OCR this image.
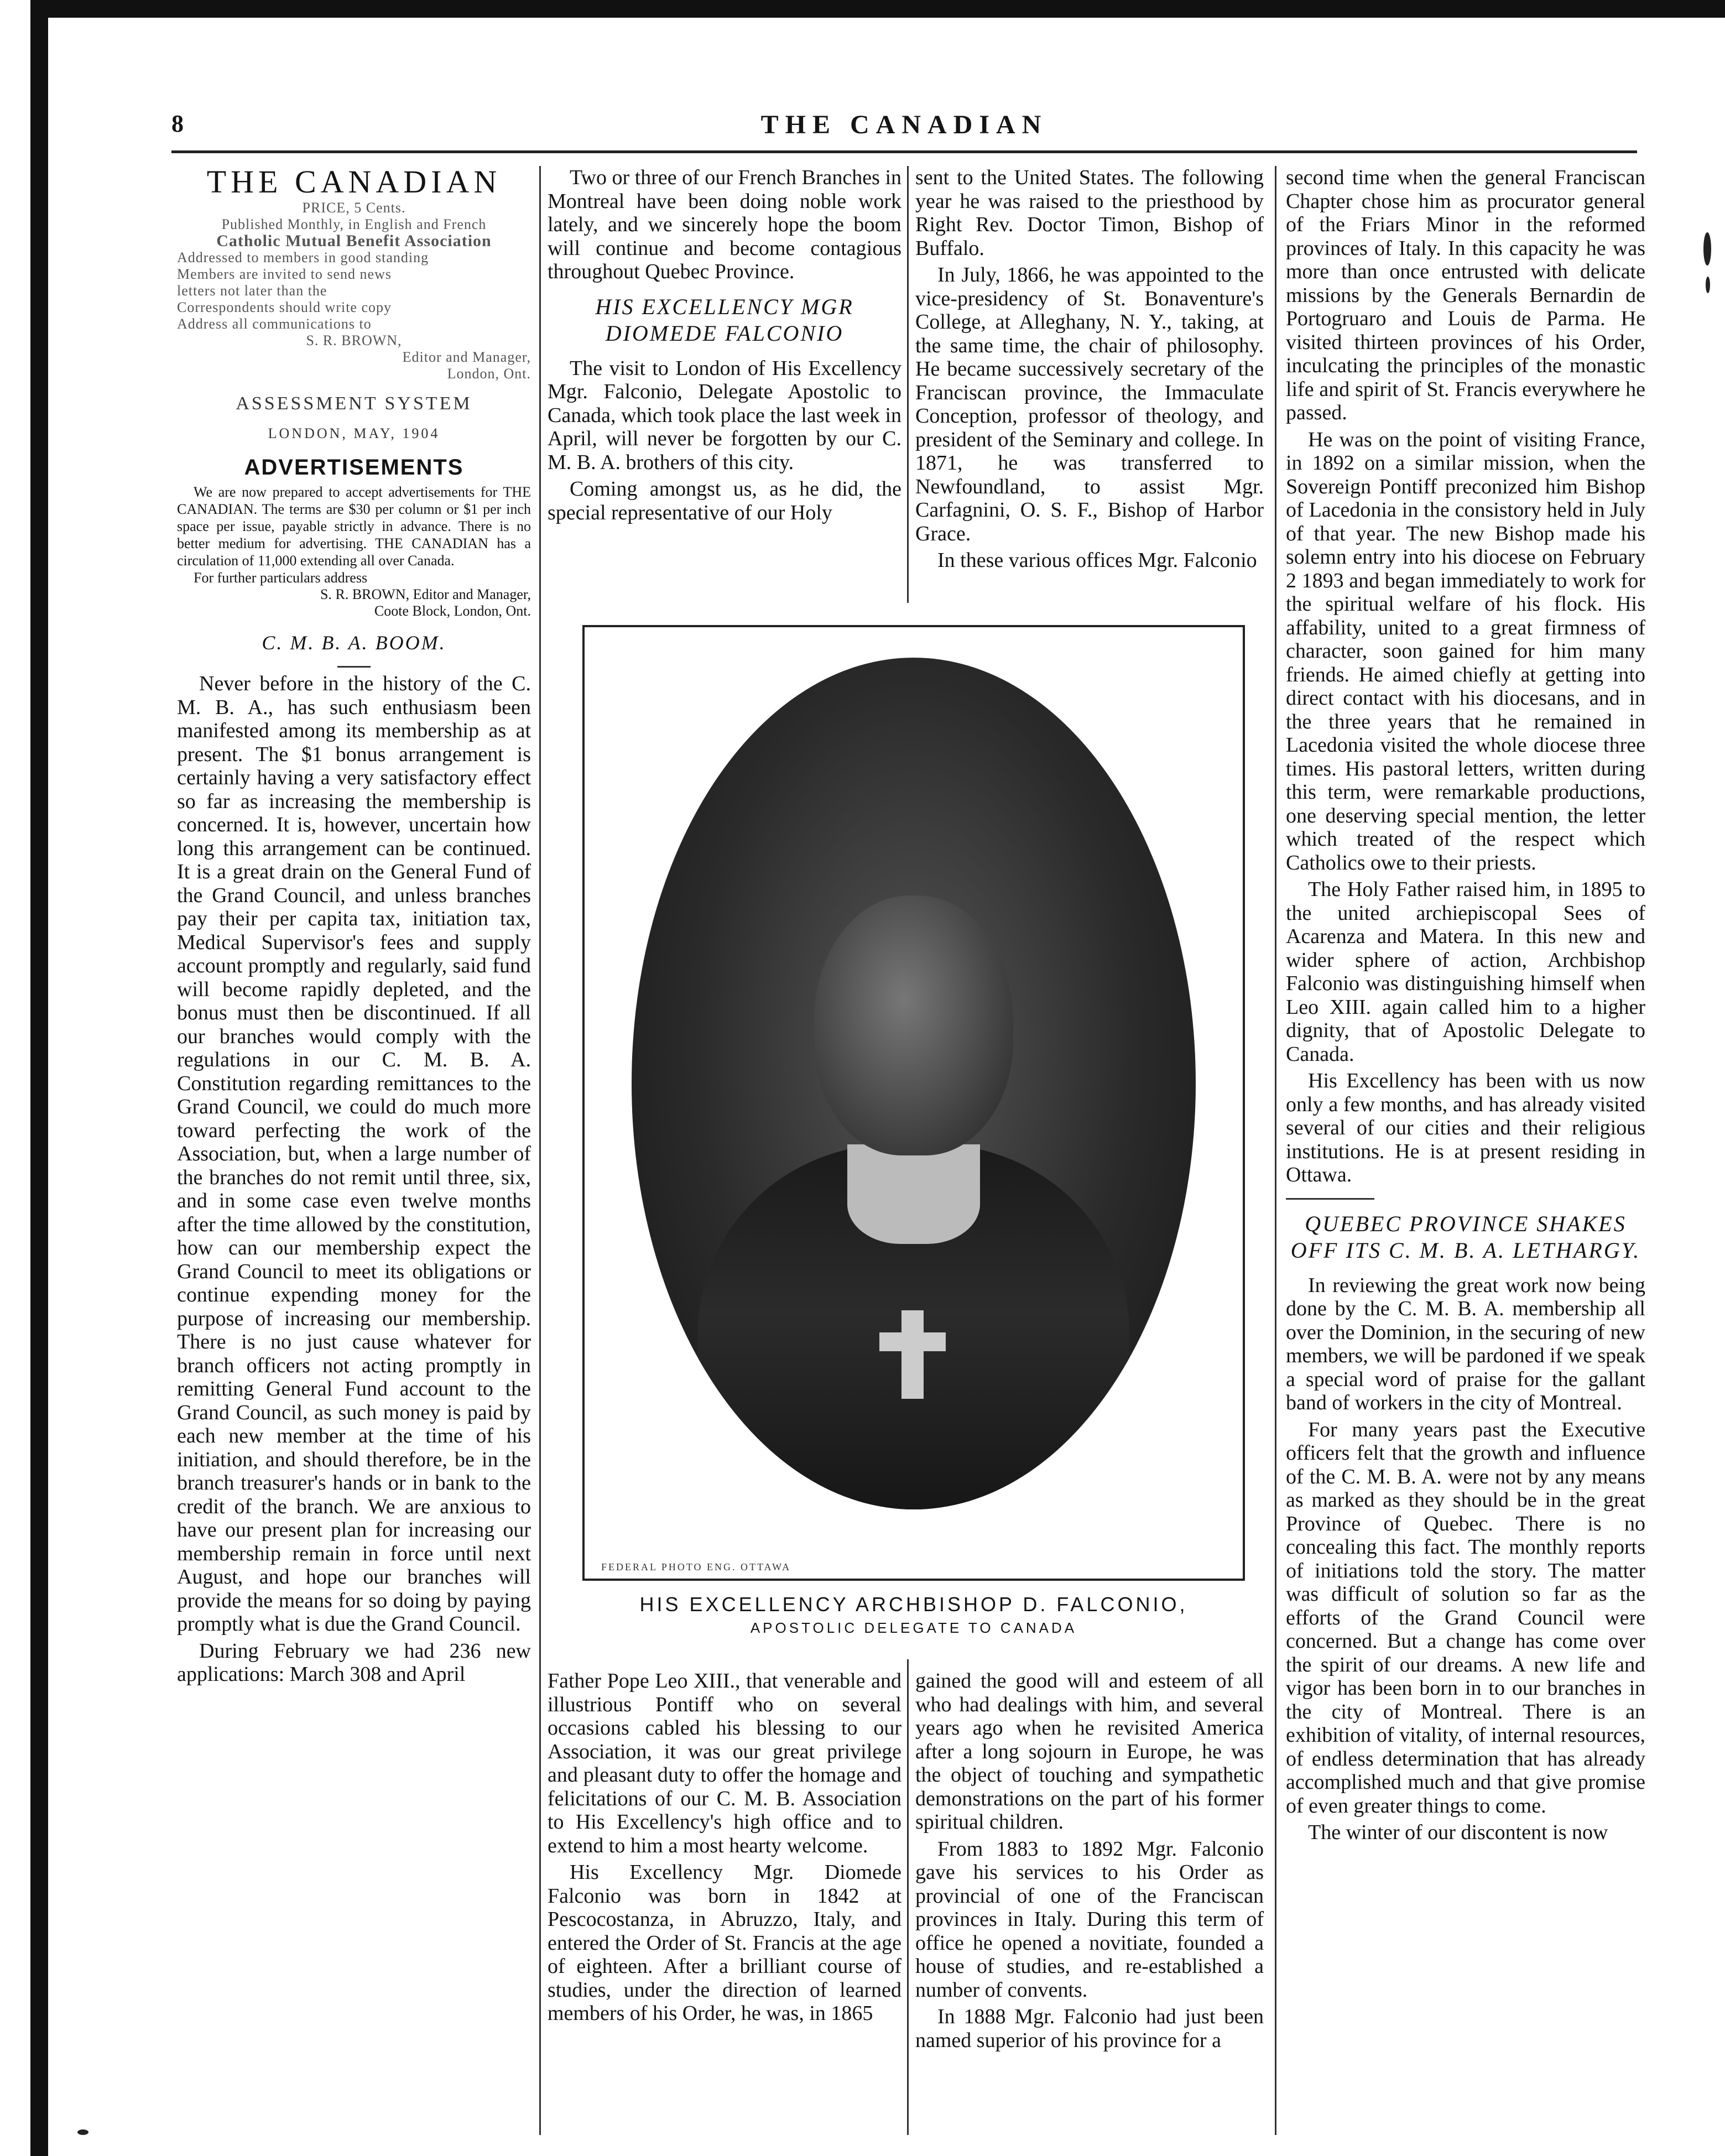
8	THE CANADIAN
THE CANADIAN

PRICE, 5 Cents.

Published Monthly, in English and French

Catholic Mutual Benefit Association

Addressed to members in good standing

Members are invited to send news

letters not later than the

Correspondents should write copy

Address all communications to

S. R. BROWN,

Editor and Manager,

London, Ont.

ASSESSMENT SYSTEM
LONDON, MAY, 1904
ADVERTISEMENTS

We are now prepared to accept advertisements for THE CANADIAN. The terms are $30 per column or $1 per inch space per issue, payable strictly in advance. There is no better medium for advertising. THE CANADIAN has a circulation of 11,000 extending all over Canada.

For further particulars address

S. R. BROWN, Editor and Manager,
Coote Block, London, Ont.
C. M. B. A. BOOM.

Never before in the history of the C. M. B. A., has such enthusiasm been manifested among its membership as at present. The $1 bonus arrangement is certainly having a very satisfactory effect so far as increasing the membership is concerned. It is, however, uncertain how long this arrangement can be continued. It is a great drain on the General Fund of the Grand Council, and unless branches pay their per capita tax, initiation tax, Medical Supervisor's fees and supply account promptly and regularly, said fund will become rapidly depleted, and the bonus must then be discontinued. If all our branches would comply with the regulations in our C. M. B. A. Constitution regarding remittances to the Grand Council, we could do much more toward perfecting the work of the Association, but, when a large number of the branches do not remit until three, six, and in some case even twelve months after the time allowed by the constitution, how can our membership expect the Grand Council to meet its obligations or continue expending money for the purpose of increasing our membership. There is no just cause whatever for branch officers not acting promptly in remitting General Fund account to the Grand Council, as such money is paid by each new member at the time of his initiation, and should therefore, be in the branch treasurer's hands or in bank to the credit of the branch. We are anxious to have our present plan for increasing our membership remain in force until next August, and hope our branches will provide the means for so doing by paying promptly what is due the Grand Council.

During February we had 236 new applications: March 308 and April

Two or three of our French Branches in Montreal have been doing noble work lately, and we sincerely hope the boom will continue and become contagious throughout Quebec Province.

HIS EXCELLENCY MGR DIOMEDE FALCONIO

The visit to London of His Excellency Mgr. Falconio, Delegate Apostolic to Canada, which took place the last week in April, will never be forgotten by our C. M. B. A. brothers of this city.

Coming amongst us, as he did, the special representative of our Holy

sent to the United States. The following year he was raised to the priesthood by Right Rev. Doctor Timon, Bishop of Buffalo.

In July, 1866, he was appointed to the vice-presidency of St. Bonaventure's College, at Alleghany, N. Y., taking, at the same time, the chair of philosophy. He became successively secretary of the Franciscan province, the Immaculate Conception, professor of theology, and president of the Seminary and college. In 1871, he was transferred to Newfoundland, to assist Mgr. Carfagnini, O. S. F., Bishop of Harbor Grace.

In these various offices Mgr. Falconio

FEDERAL PHOTO ENG. OTTAWA
HIS EXCELLENCY ARCHBISHOP D. FALCONIO,
APOSTOLIC DELEGATE TO CANADA

Father Pope Leo XIII., that venerable and illustrious Pontiff who on several occasions cabled his blessing to our Association, it was our great privilege and pleasant duty to offer the homage and felicitations of our C. M. B. Association to His Excellency's high office and to extend to him a most hearty welcome.

His Excellency Mgr. Diomede Falconio was born in 1842 at Pescocostanza, in Abruzzo, Italy, and entered the Order of St. Francis at the age of eighteen. After a brilliant course of studies, under the direction of learned members of his Order, he was, in 1865

gained the good will and esteem of all who had dealings with him, and several years ago when he revisited America after a long sojourn in Europe, he was the object of touching and sympathetic demonstrations on the part of his former spiritual children.

From 1883 to 1892 Mgr. Falconio gave his services to his Order as provincial of one of the Franciscan provinces in Italy. During this term of office he opened a novitiate, founded a house of studies, and re-established a number of convents.

In 1888 Mgr. Falconio had just been named superior of his province for a

second time when the general Franciscan Chapter chose him as procurator general of the Friars Minor in the reformed provinces of Italy. In this capacity he was more than once entrusted with delicate missions by the Generals Bernardin de Portogruaro and Louis de Parma. He visited thirteen provinces of his Order, inculcating the principles of the monastic life and spirit of St. Francis everywhere he passed.

He was on the point of visiting France, in 1892 on a similar mission, when the Sovereign Pontiff preconized him Bishop of Lacedonia in the consistory held in July of that year. The new Bishop made his solemn entry into his diocese on February 2 1893 and began immediately to work for the spiritual welfare of his flock. His affability, united to a great firmness of character, soon gained for him many friends. He aimed chiefly at getting into direct contact with his diocesans, and in the three years that he remained in Lacedonia visited the whole diocese three times. His pastoral letters, written during this term, were remarkable productions, one deserving special mention, the letter which treated of the respect which Catholics owe to their priests.

The Holy Father raised him, in 1895 to the united archiepiscopal Sees of Acarenza and Matera. In this new and wider sphere of action, Archbishop Falconio was distinguishing himself when Leo XIII. again called him to a higher dignity, that of Apostolic Delegate to Canada.

His Excellency has been with us now only a few months, and has already visited several of our cities and their religious institutions. He is at present residing in Ottawa.

QUEBEC PROVINCE SHAKES OFF ITS C. M. B. A. LETHARGY.

In reviewing the great work now being done by the C. M. B. A. membership all over the Dominion, in the securing of new members, we will be pardoned if we speak a special word of praise for the gallant band of workers in the city of Montreal.

For many years past the Executive officers felt that the growth and influence of the C. M. B. A. were not by any means as marked as they should be in the great Province of Quebec. There is no concealing this fact. The monthly reports of initiations told the story. The matter was difficult of solution so far as the efforts of the Grand Council were concerned. But a change has come over the spirit of our dreams. A new life and vigor has been born in to our branches in the city of Montreal. There is an exhibition of vitality, of internal resources, of endless determination that has already accomplished much and that give promise of even greater things to come.

The winter of our discontent is now
